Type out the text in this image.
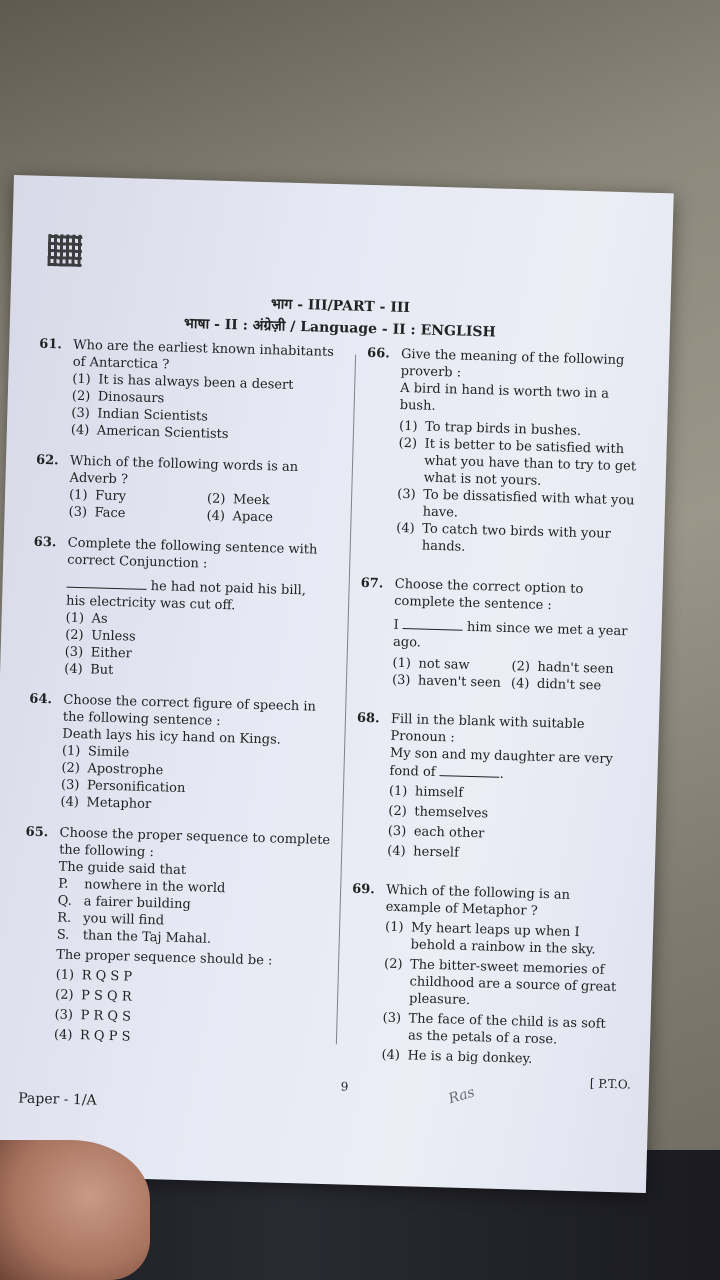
भाग - III/PART - III
भाषा - II : अंग्रेज़ी / Language - II : ENGLISH
61. Who are the earliest known inhabitants of Antarctica ?
(1) It is has always been a desert
(2) Dinosaurs
(3) Indian Scientists
(4) American Scientists
62. Which of the following words is an Adverb ?
(1) Fury	(2) Meek
(3) Face	(4) Apace
63. Complete the following sentence with correct Conjunction :
he had not paid his bill,
his electricity was cut off.
(1) As
(2) Unless
(3) Either
(4) But
64. Choose the correct figure of speech in the following sentence :
Death lays his icy hand on Kings.
(1) Simile
(2) Apostrophe
(3) Personification
(4) Metaphor
65. Choose the proper sequence to complete the following :
The guide said that
P.	nowhere in the world
Q. a fairer building
R. you will find
S. than the Taj Mahal.
The proper sequence should be :
(1) R Q S P
(2) P S Q R
(3) P R Q S
(4) R Q P S
66. Give the meaning of the following proverb :
A bird in hand is worth two in a bush.
(1) To trap birds in bushes.
(2) It is better to be satisfied with what you have than to try to get what is not yours.
(3) To be dissatisfied with what you have.
(4) To catch two birds with your hands.
67. Choose the correct option to complete the sentence :
I	him since we met a year ago.
(1) not saw	(2) hadn't seen
(3) haven't seen (4) didn't see
68. Fill in the blank with suitable Pronoun :
My son and my daughter are very fond of	.
(1) himself
(2) themselves
(3) each other
(4) herself
69. Which of the following is an example of Metaphor ?
(1) My heart leaps up when I behold a rainbow in the sky.
(2) The bitter-sweet memories of childhood are a source of great pleasure.
(3) The face of the child is as soft as the petals of a rose.
(4) He is a big donkey.
Paper - 1/A
9	[ P.T.O.
Ras
